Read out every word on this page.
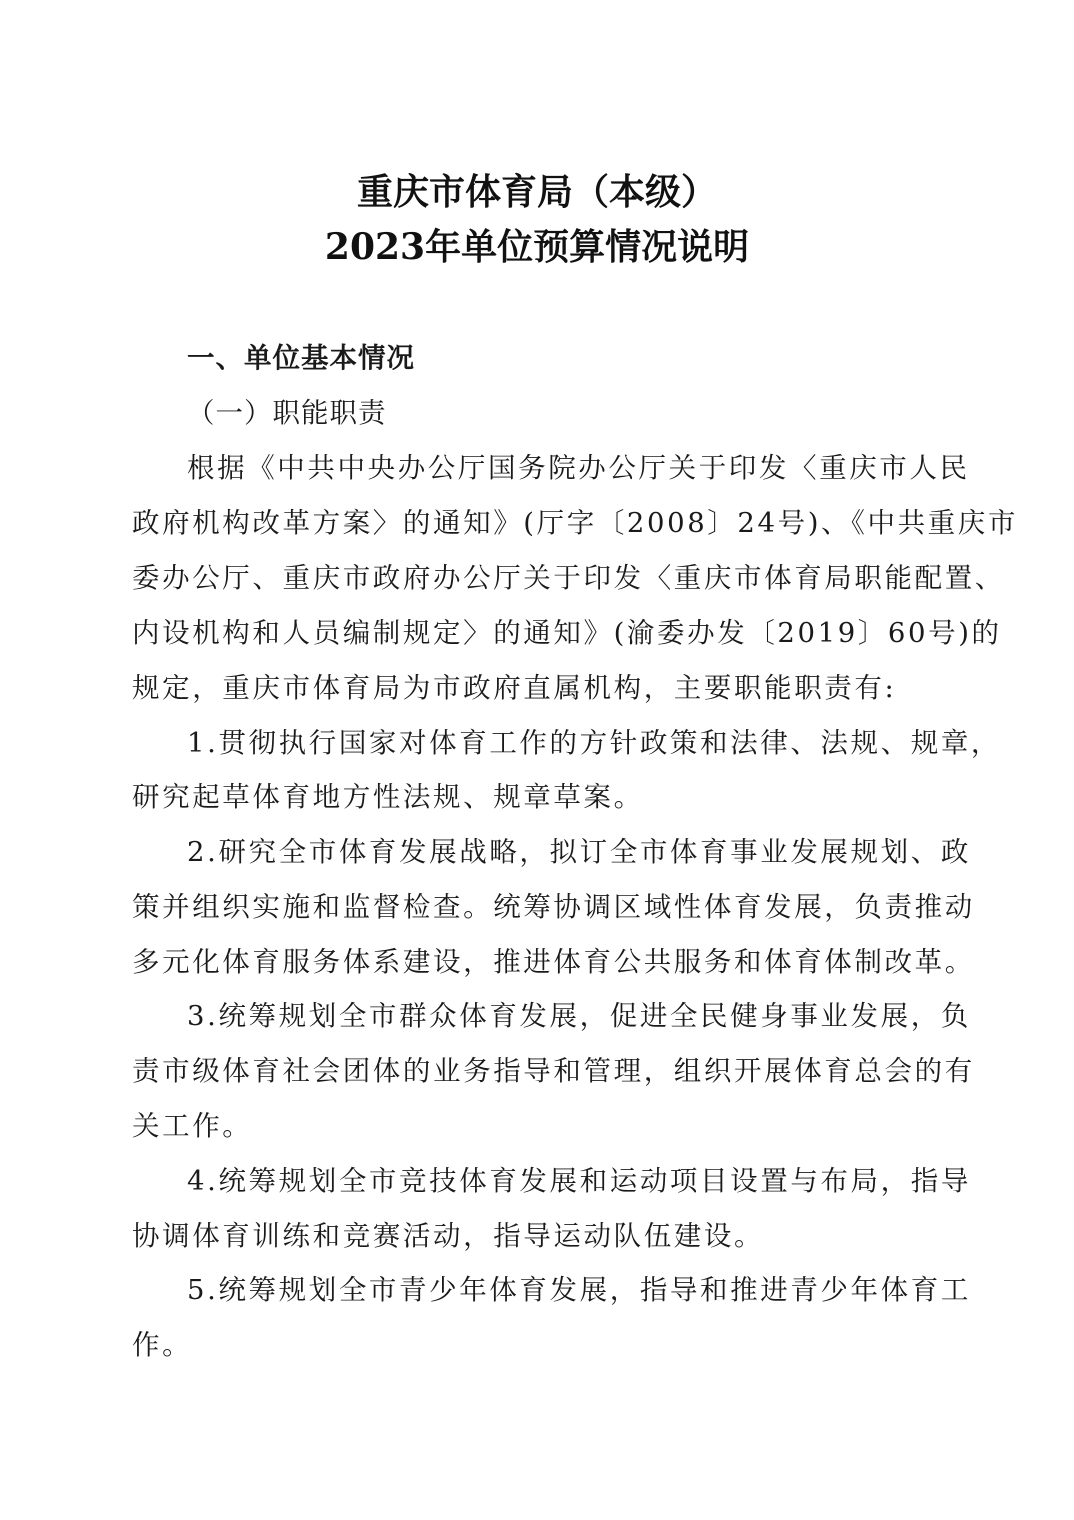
重庆市体育局（本级）
2023年单位预算情况说明
一、单位基本情况
（一）职能职责
根据《中共中央办公厅国务院办公厅关于印发〈重庆市人民
政府机构改革方案〉的通知》(厅字〔2008〕24号)、《中共重庆市
委办公厅、重庆市政府办公厅关于印发〈重庆市体育局职能配置、
内设机构和人员编制规定〉的通知》(渝委办发〔2019〕60号)的
规定，重庆市体育局为市政府直属机构，主要职能职责有:
1.贯彻执行国家对体育工作的方针政策和法律、法规、规章，
研究起草体育地方性法规、规章草案。
2.研究全市体育发展战略，拟订全市体育事业发展规划、政
策并组织实施和监督检查。统筹协调区域性体育发展，负责推动
多元化体育服务体系建设，推进体育公共服务和体育体制改革。
3.统筹规划全市群众体育发展，促进全民健身事业发展，负
责市级体育社会团体的业务指导和管理，组织开展体育总会的有
关工作。
4.统筹规划全市竞技体育发展和运动项目设置与布局，指导
协调体育训练和竞赛活动，指导运动队伍建设。
5.统筹规划全市青少年体育发展，指导和推进青少年体育工
作。
